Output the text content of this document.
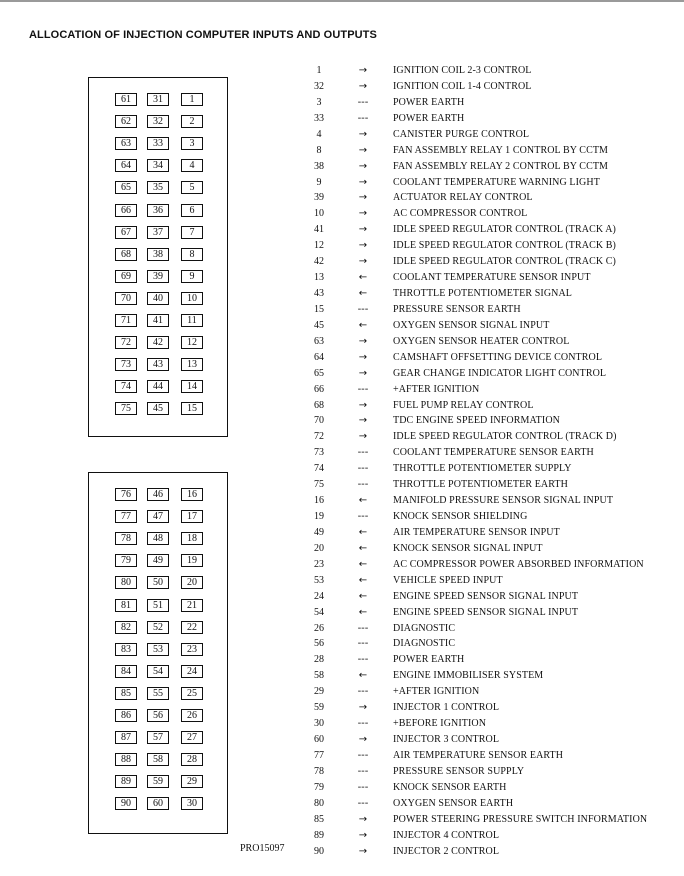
ALLOCATION OF INJECTION COMPUTER INPUTS AND OUTPUTS
61	31	1
62	32	2
63	33	3
64	34	4
65	35	5
66	36	6
67	37	7
68	38	8
69	39	9
70	40	10
71	41	11
72	42	12
73	43	13
74	44	14
75	45	15
76	46	16
77	47	17
78	48	18
79	49	19
80	50	20
81	51	21
82	52	22
83	53	23
84	54	24
85	55	25
86	56	26
87	57	27
88	58	28
89	59	29
90	60	30
PRO15097
1	→	IGNITION COIL 2-3 CONTROL
32	→	IGNITION COIL 1-4 CONTROL
3	---	POWER EARTH
33	---	POWER EARTH
4	→	CANISTER PURGE CONTROL
8	→	FAN ASSEMBLY RELAY 1 CONTROL BY CCTM
38	→	FAN ASSEMBLY RELAY 2 CONTROL BY CCTM
9	→	COOLANT TEMPERATURE WARNING LIGHT
39	→	ACTUATOR RELAY CONTROL
10	→	AC COMPRESSOR CONTROL
41	→	IDLE SPEED REGULATOR CONTROL (TRACK A)
12	→	IDLE SPEED REGULATOR CONTROL (TRACK B)
42	→	IDLE SPEED REGULATOR CONTROL (TRACK C)
13	←	COOLANT TEMPERATURE SENSOR INPUT
43	←	THROTTLE POTENTIOMETER SIGNAL
15	---	PRESSURE SENSOR EARTH
45	←	OXYGEN SENSOR SIGNAL INPUT
63	→	OXYGEN SENSOR HEATER CONTROL
64	→	CAMSHAFT OFFSETTING DEVICE CONTROL
65	→	GEAR CHANGE INDICATOR LIGHT CONTROL
66	---	+AFTER IGNITION
68	→	FUEL PUMP RELAY CONTROL
70	→	TDC ENGINE SPEED INFORMATION
72	→	IDLE SPEED REGULATOR CONTROL (TRACK D)
73	---	COOLANT TEMPERATURE SENSOR EARTH
74	---	THROTTLE POTENTIOMETER SUPPLY
75	---	THROTTLE POTENTIOMETER EARTH
16	←	MANIFOLD PRESSURE SENSOR SIGNAL INPUT
19	---	KNOCK SENSOR SHIELDING
49	←	AIR TEMPERATURE SENSOR INPUT
20	←	KNOCK SENSOR SIGNAL INPUT
23	←	AC COMPRESSOR POWER ABSORBED INFORMATION
53	←	VEHICLE SPEED INPUT
24	←	ENGINE SPEED SENSOR SIGNAL INPUT
54	←	ENGINE SPEED SENSOR SIGNAL INPUT
26	---	DIAGNOSTIC
56	---	DIAGNOSTIC
28	---	POWER EARTH
58	←	ENGINE IMMOBILISER SYSTEM
29	---	+AFTER IGNITION
59	→	INJECTOR 1 CONTROL
30	---	+BEFORE IGNITION
60	→	INJECTOR 3 CONTROL
77	---	AIR TEMPERATURE SENSOR EARTH
78	---	PRESSURE SENSOR SUPPLY
79	---	KNOCK SENSOR EARTH
80	---	OXYGEN SENSOR EARTH
85	→	POWER STEERING PRESSURE SWITCH INFORMATION
89	→	INJECTOR 4 CONTROL
90	→	INJECTOR 2 CONTROL
